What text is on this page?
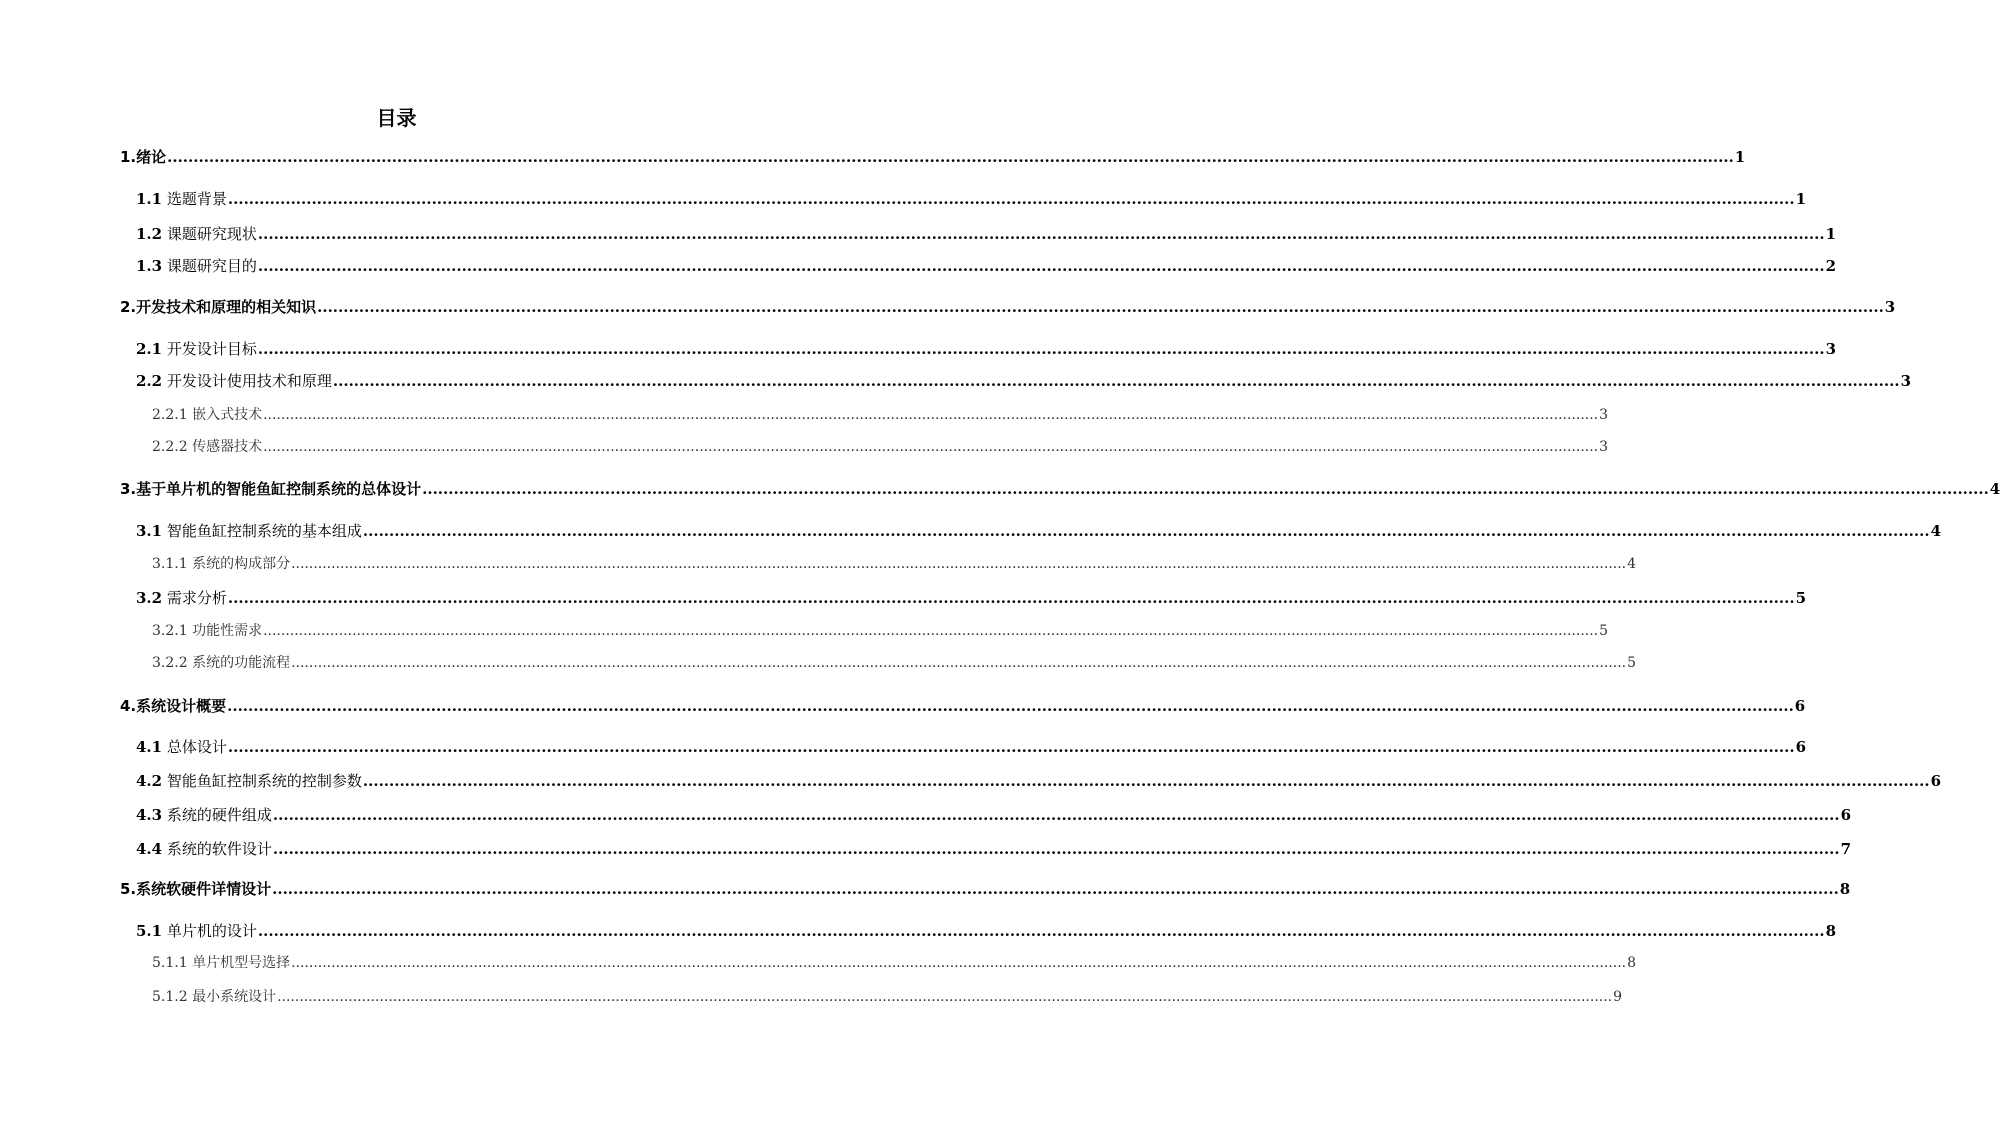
目录
1.绪论 ............................................................................................................................................................................................................................................................................................................ 1
1.1 选题背景 ............................................................................................................................................................................................................................................................................................................ 1
1.2 课题研究现状 ............................................................................................................................................................................................................................................................................................................ 1
1.3 课题研究目的 ............................................................................................................................................................................................................................................................................................................ 2
2.开发技术和原理的相关知识 ............................................................................................................................................................................................................................................................................................................ 3
2.1 开发设计目标 ............................................................................................................................................................................................................................................................................................................ 3
2.2 开发设计使用技术和原理 ............................................................................................................................................................................................................................................................................................................ 3
2.2.1 嵌入式技术 ............................................................................................................................................................................................................................................................................................................ 3
2.2.2 传感器技术 ............................................................................................................................................................................................................................................................................................................ 3
3.基于单片机的智能鱼缸控制系统的总体设计 ............................................................................................................................................................................................................................................................................................................ 4
3.1 智能鱼缸控制系统的基本组成 ............................................................................................................................................................................................................................................................................................................ 4
3.1.1 系统的构成部分 ............................................................................................................................................................................................................................................................................................................ 4
3.2 需求分析 ............................................................................................................................................................................................................................................................................................................ 5
3.2.1 功能性需求 ............................................................................................................................................................................................................................................................................................................ 5
3.2.2 系统的功能流程 ............................................................................................................................................................................................................................................................................................................ 5
4.系统设计概要 ............................................................................................................................................................................................................................................................................................................ 6
4.1 总体设计 ............................................................................................................................................................................................................................................................................................................ 6
4.2 智能鱼缸控制系统的控制参数 ............................................................................................................................................................................................................................................................................................................ 6
4.3 系统的硬件组成 ............................................................................................................................................................................................................................................................................................................ 6
4.4 系统的软件设计 ............................................................................................................................................................................................................................................................................................................ 7
5.系统软硬件详情设计 ............................................................................................................................................................................................................................................................................................................ 8
5.1 单片机的设计 ............................................................................................................................................................................................................................................................................................................ 8
5.1.1 单片机型号选择 ............................................................................................................................................................................................................................................................................................................ 8
5.1.2 最小系统设计 ............................................................................................................................................................................................................................................................................................................ 9
